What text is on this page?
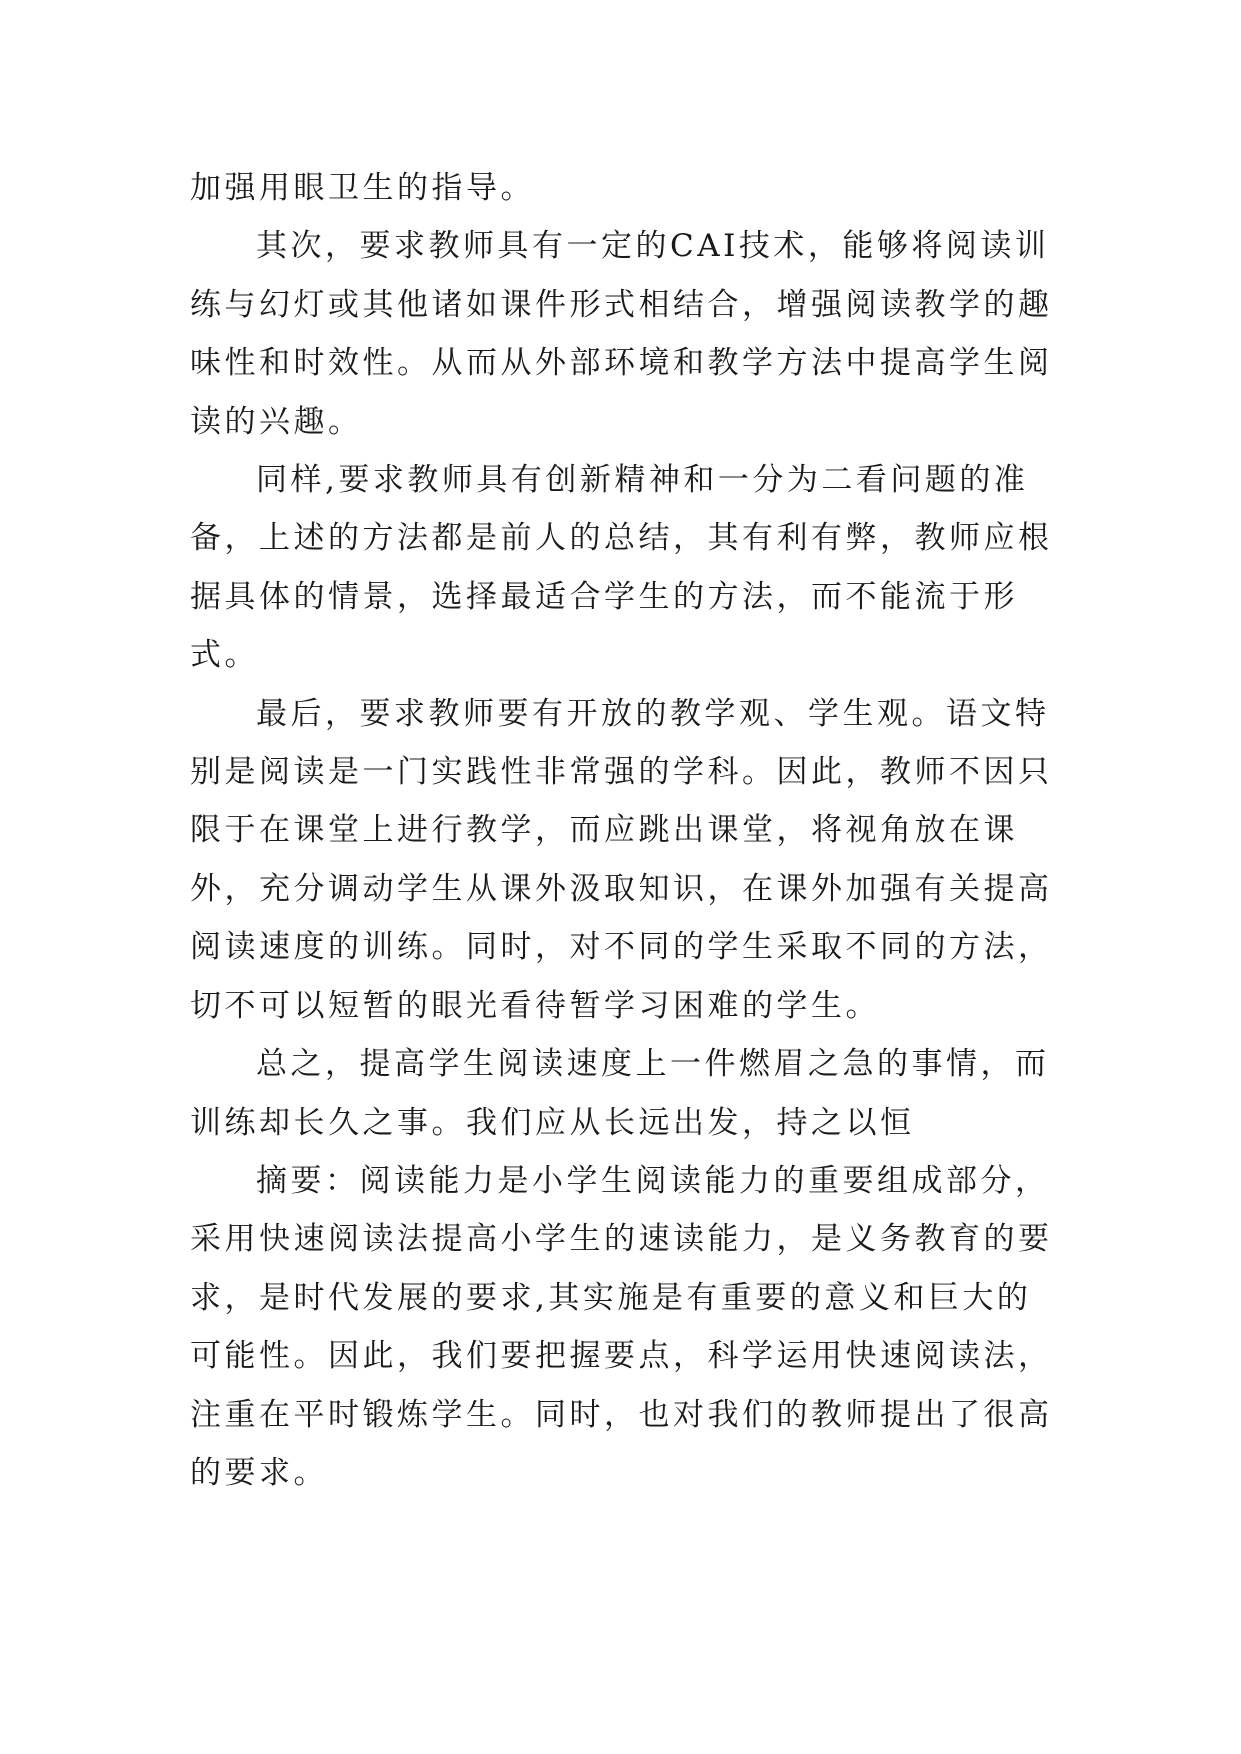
加强用眼卫生的指导。

其次，要求教师具有一定的CAI技术，能够将阅读训练与幻灯或其他诸如课件形式相结合，增强阅读教学的趣味性和时效性。从而从外部环境和教学方法中提高学生阅读的兴趣。

同样,要求教师具有创新精神和一分为二看问题的准备，上述的方法都是前人的总结，其有利有弊，教师应根据具体的情景，选择最适合学生的方法，而不能流于形式。

最后，要求教师要有开放的教学观、学生观。语文特别是阅读是一门实践性非常强的学科。因此，教师不因只限于在课堂上进行教学，而应跳出课堂，将视角放在课外，充分调动学生从课外汲取知识，在课外加强有关提高阅读速度的训练。同时，对不同的学生采取不同的方法，切不可以短暂的眼光看待暂学习困难的学生。

总之，提高学生阅读速度上一件燃眉之急的事情，而训练却长久之事。我们应从长远出发，持之以恒

摘要：阅读能力是小学生阅读能力的重要组成部分，采用快速阅读法提高小学生的速读能力，是义务教育的要求，是时代发展的要求,其实施是有重要的意义和巨大的可能性。因此，我们要把握要点，科学运用快速阅读法，注重在平时锻炼学生。同时，也对我们的教师提出了很高的要求。
